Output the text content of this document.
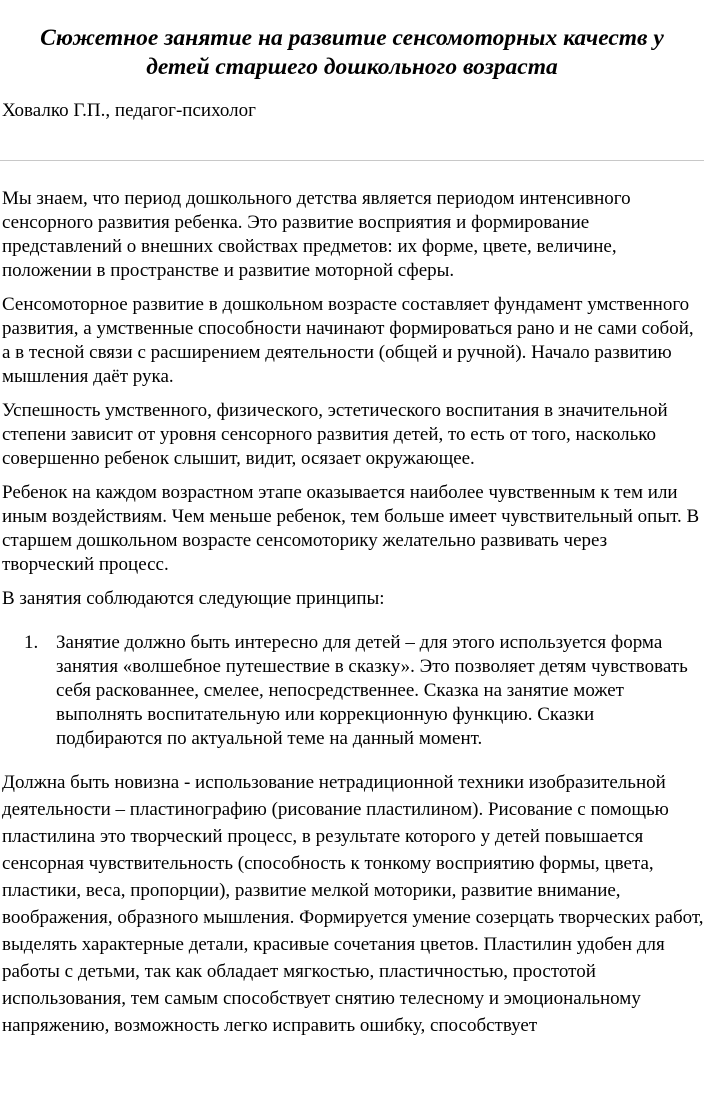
Сюжетное занятие на развитие сенсомоторных качеств у
детей старшего дошкольного возраста

Ховалко Г.П., педагог-психолог

Мы знаем, что период дошкольного детства является периодом интенсивного сенсорного развития ребенка. Это развитие восприятия и формирование представлений о внешних свойствах предметов: их форме, цвете, величине, положении в пространстве и развитие моторной сферы.

Сенсомоторное развитие в дошкольном возрасте составляет фундамент умственного развития, а умственные способности начинают формироваться рано и не сами собой, а в тесной связи с расширением деятельности (общей и ручной). Начало развитию мышления даёт рука.

Успешность умственного, физического, эстетического воспитания в значительной степени зависит от уровня сенсорного развития детей, то есть от того, насколько совершенно ребенок слышит, видит, осязает окружающее.

Ребенок на каждом возрастном этапе оказывается наиболее чувственным к тем или иным воздействиям. Чем меньше ребенок, тем больше имеет чувствительный опыт. В старшем дошкольном возрасте сенсомоторику желательно развивать через творческий процесс.

В занятия соблюдаются следующие принципы:

1. Занятие должно быть интересно для детей – для этого используется форма занятия «волшебное путешествие в сказку». Это позволяет детям чувствовать себя раскованнее, смелее, непосредственнее. Сказка на занятие может выполнять воспитательную или коррекционную функцию. Сказки подбираются по актуальной теме на данный момент.

Должна быть новизна - использование нетрадиционной техники изобразительной деятельности – пластинографию (рисование пластилином). Рисование с помощью пластилина это творческий процесс, в результате которого у детей повышается сенсорная чувствительность (способность к тонкому восприятию формы, цвета, пластики, веса, пропорции), развитие мелкой моторики, развитие внимание, воображения, образного мышления. Формируется умение созерцать творческих работ, выделять характерные детали, красивые сочетания цветов. Пластилин удобен для работы с детьми, так как обладает мягкостью, пластичностью, простотой использования, тем самым способствует снятию телесному и эмоциональному напряжению, возможность легко исправить ошибку, способствует
